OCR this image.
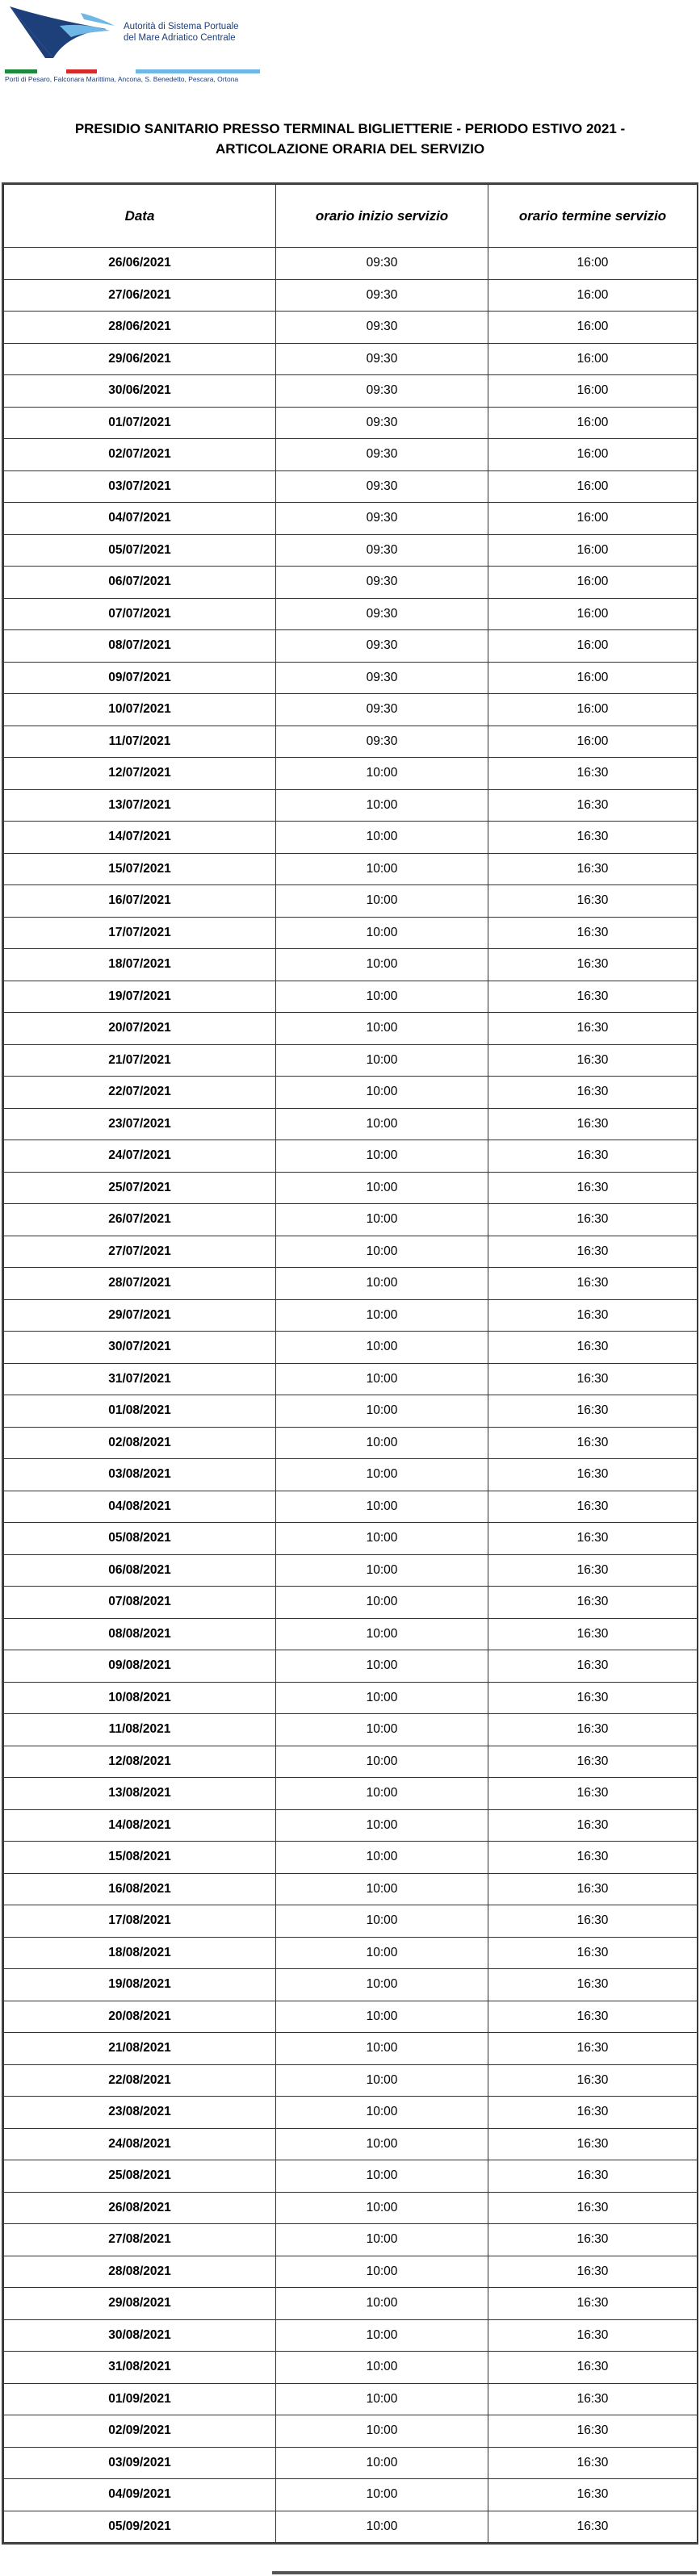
Autorità di Sistema Portuale
del Mare Adriatico Centrale
Porti di Pesaro, Falconara Marittima, Ancona, S. Benedetto, Pescara, Ortona
PRESIDIO SANITARIO PRESSO TERMINAL BIGLIETTERIE - PERIODO ESTIVO 2021 -
ARTICOLAZIONE ORARIA DEL SERVIZIO
Data	orario inizio servizio	orario termine servizio
26/06/2021	09:30	16:00
27/06/2021	09:30	16:00
28/06/2021	09:30	16:00
29/06/2021	09:30	16:00
30/06/2021	09:30	16:00
01/07/2021	09:30	16:00
02/07/2021	09:30	16:00
03/07/2021	09:30	16:00
04/07/2021	09:30	16:00
05/07/2021	09:30	16:00
06/07/2021	09:30	16:00
07/07/2021	09:30	16:00
08/07/2021	09:30	16:00
09/07/2021	09:30	16:00
10/07/2021	09:30	16:00
11/07/2021	09:30	16:00
12/07/2021	10:00	16:30
13/07/2021	10:00	16:30
14/07/2021	10:00	16:30
15/07/2021	10:00	16:30
16/07/2021	10:00	16:30
17/07/2021	10:00	16:30
18/07/2021	10:00	16:30
19/07/2021	10:00	16:30
20/07/2021	10:00	16:30
21/07/2021	10:00	16:30
22/07/2021	10:00	16:30
23/07/2021	10:00	16:30
24/07/2021	10:00	16:30
25/07/2021	10:00	16:30
26/07/2021	10:00	16:30
27/07/2021	10:00	16:30
28/07/2021	10:00	16:30
29/07/2021	10:00	16:30
30/07/2021	10:00	16:30
31/07/2021	10:00	16:30
01/08/2021	10:00	16:30
02/08/2021	10:00	16:30
03/08/2021	10:00	16:30
04/08/2021	10:00	16:30
05/08/2021	10:00	16:30
06/08/2021	10:00	16:30
07/08/2021	10:00	16:30
08/08/2021	10:00	16:30
09/08/2021	10:00	16:30
10/08/2021	10:00	16:30
11/08/2021	10:00	16:30
12/08/2021	10:00	16:30
13/08/2021	10:00	16:30
14/08/2021	10:00	16:30
15/08/2021	10:00	16:30
16/08/2021	10:00	16:30
17/08/2021	10:00	16:30
18/08/2021	10:00	16:30
19/08/2021	10:00	16:30
20/08/2021	10:00	16:30
21/08/2021	10:00	16:30
22/08/2021	10:00	16:30
23/08/2021	10:00	16:30
24/08/2021	10:00	16:30
25/08/2021	10:00	16:30
26/08/2021	10:00	16:30
27/08/2021	10:00	16:30
28/08/2021	10:00	16:30
29/08/2021	10:00	16:30
30/08/2021	10:00	16:30
31/08/2021	10:00	16:30
01/09/2021	10:00	16:30
02/09/2021	10:00	16:30
03/09/2021	10:00	16:30
04/09/2021	10:00	16:30
05/09/2021	10:00	16:30
